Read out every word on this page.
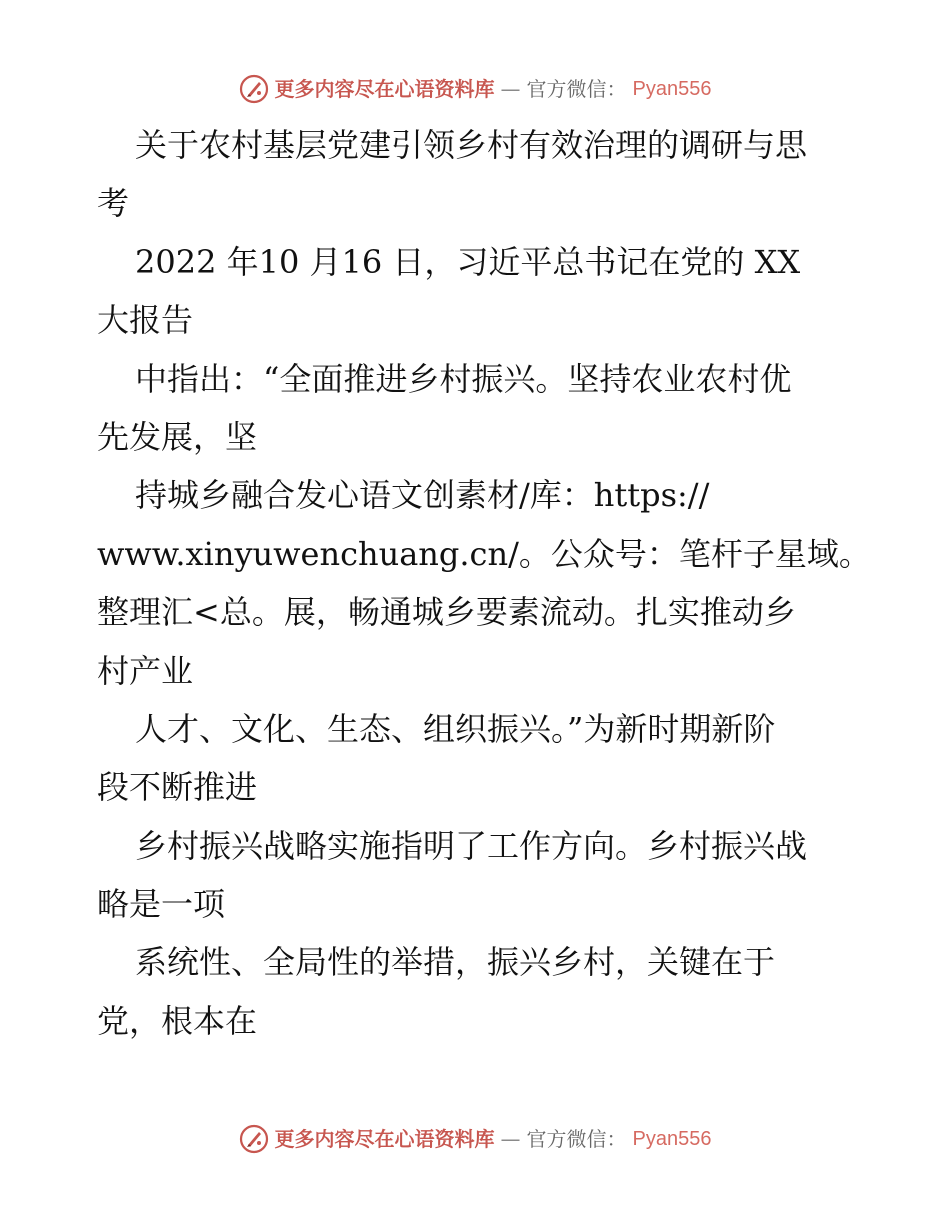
更多内容尽在心语资料库 — 官方微信： Pyan556
关于农村基层党建引领乡村有效治理的调研与思
考
2022 年10 月16 日，习近平总书记在党的 XX
大报告
中指出：“全面推进乡村振兴。坚持农业农村优
先发展，坚
持城乡融合发心语文创素材/库：https://
www.xinyuwenchuang.cn/。公众号：笔杆子星域。
整理汇<总。展，畅通城乡要素流动。扎实推动乡
村产业
人才、文化、生态、组织振兴。”为新时期新阶
段不断推进
乡村振兴战略实施指明了工作方向。乡村振兴战
略是一项
系统性、全局性的举措，振兴乡村，关键在于
党，根本在
更多内容尽在心语资料库 — 官方微信： Pyan556
